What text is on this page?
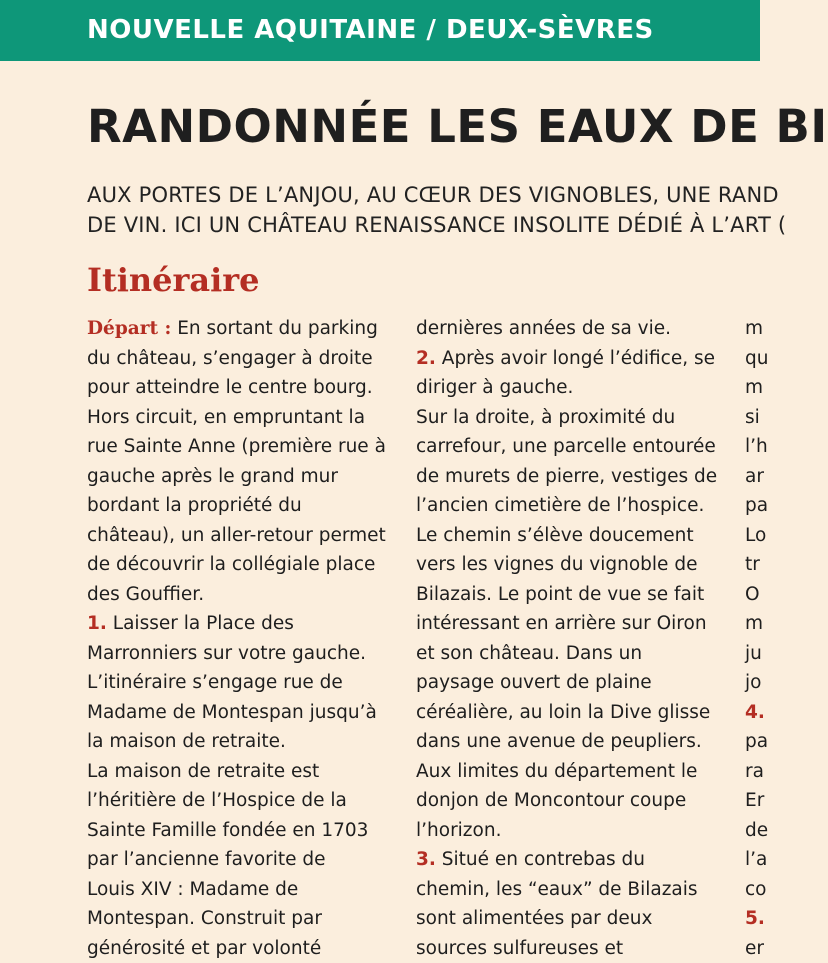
NOUVELLE AQUITAINE / DEUX-SÈVRES
RANDONNÉE LES EAUX DE BI
AUX PORTES DE L’ANJOU, AU CŒUR DES VIGNOBLES, UNE RAND
DE VIN. ICI UN CHÂTEAU RENAISSANCE INSOLITE DÉDIÉ À L’ART (
Itinéraire
Départ : En sortant du parking
du château, s’engager à droite
pour atteindre le centre bourg.
Hors circuit, en empruntant la
rue Sainte Anne (première rue à
gauche après le grand mur
bordant la propriété du
château), un aller-retour permet
de découvrir la collégiale place
des Gouffier.
1. Laisser la Place des
Marronniers sur votre gauche.
L’itinéraire s’engage rue de
Madame de Montespan jusqu’à
la maison de retraite.
La maison de retraite est
l’héritière de l’Hospice de la
Sainte Famille fondée en 1703
par l’ancienne favorite de
Louis XIV : Madame de
Montespan. Construit par
générosité et par volonté
dernières années de sa vie.
2. Après avoir longé l’édifice, se
diriger à gauche.
Sur la droite, à proximité du
carrefour, une parcelle entourée
de murets de pierre, vestiges de
l’ancien cimetière de l’hospice.
Le chemin s’élève doucement
vers les vignes du vignoble de
Bilazais. Le point de vue se fait
intéressant en arrière sur Oiron
et son château. Dans un
paysage ouvert de plaine
céréalière, au loin la Dive glisse
dans une avenue de peupliers.
Aux limites du département le
donjon de Moncontour coupe
l’horizon.
3. Situé en contrebas du
chemin, les “eaux” de Bilazais
sont alimentées par deux
sources sulfureuses et
m
qu
m
si
l’h
ar
pa
Lo
tr
O
m
ju
jo
4.
pa
ra
Er
de
l’a
co
5.
er
